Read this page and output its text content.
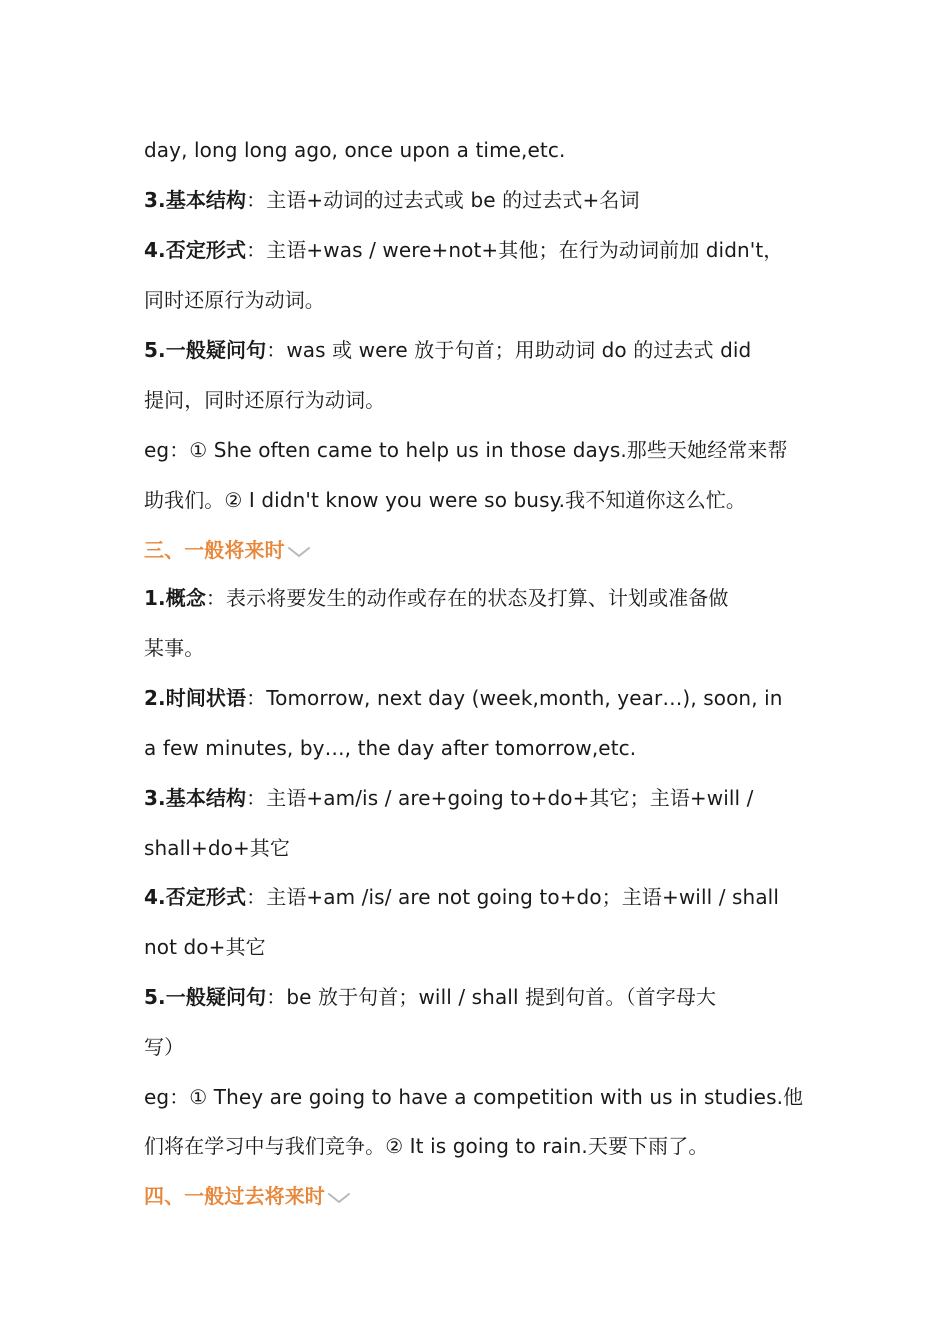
day, long long ago, once upon a time,etc.
3.基本结构：主语+动词的过去式或 be 的过去式+名词
4.否定形式：主语+was / were+not+其他；在行为动词前加 didn't，
同时还原行为动词。
5.一般疑问句：was 或 were 放于句首；用助动词 do 的过去式 did
提问，同时还原行为动词。
eg：① She often came to help us in those days.那些天她经常来帮
助我们。② I didn't know you were so busy.我不知道你这么忙。
三、一般将来时
1.概念：表示将要发生的动作或存在的状态及打算、计划或准备做
某事。
2.时间状语：Tomorrow, next day (week,month, year…), soon, in
a few minutes, by…, the day after tomorrow,etc.
3.基本结构：主语+am/is / are+going to+do+其它；主语+will /
shall+do+其它
4.否定形式：主语+am /is/ are not going to+do；主语+will / shall
not do+其它
5.一般疑问句：be 放于句首；will / shall 提到句首。（首字母大
写）
eg：① They are going to have a competition with us in studies.他
们将在学习中与我们竞争。② It is going to rain.天要下雨了。
四、一般过去将来时
